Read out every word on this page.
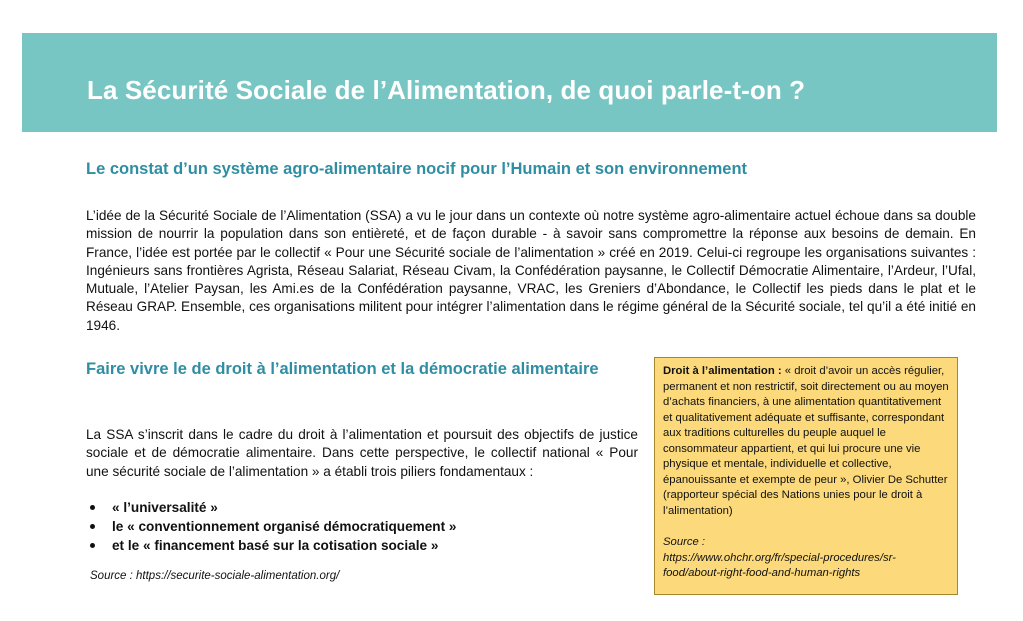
La Sécurité Sociale de l’Alimentation, de quoi parle-t-on ?
Le constat d’un système agro-alimentaire nocif pour l’Humain et son environnement

L’idée de la Sécurité Sociale de l’Alimentation (SSA) a vu le jour dans un contexte où notre système agro-alimentaire actuel échoue dans sa double mission de nourrir la population dans son entièreté, et de façon durable - à savoir sans compromettre la réponse aux besoins de demain. En France, l’idée est portée par le collectif « Pour une Sécurité sociale de l’alimentation » créé en 2019. Celui-ci regroupe les organisations suivantes : Ingénieurs sans frontières Agrista, Réseau Salariat, Réseau Civam, la Confédération paysanne, le Collectif Démocratie Alimentaire, l’Ardeur, l’Ufal, Mutuale, l’Atelier Paysan, les Ami.es de la Confédération paysanne, VRAC, les Greniers d’Abondance, le Collectif les pieds dans le plat et le Réseau GRAP. Ensemble, ces organisations militent pour intégrer l’alimentation dans le régime général de la Sécurité sociale, tel qu’il a été initié en 1946.

Faire vivre le de droit à l’alimentation et la démocratie alimentaire

La SSA s’inscrit dans le cadre du droit à l’alimentation et poursuit des objectifs de justice sociale et de démocratie alimentaire. Dans cette perspective, le collectif national « Pour une sécurité sociale de l’alimentation » a établi trois piliers fondamentaux :

« l’universalité »
le « conventionnement organisé démocratiquement »
et le « financement basé sur la cotisation sociale »
Source : https://securite-sociale-alimentation.org/

Droit à l’alimentation : « droit d’avoir un accès régulier, permanent et non restrictif, soit directement ou au moyen d’achats financiers, à une alimentation quantitativement et qualitativement adéquate et suffisante, correspondant aux traditions culturelles du peuple auquel le consommateur appartient, et qui lui procure une vie physique et mentale, individuelle et collective, épanouissante et exempte de peur », Olivier De Schutter (rapporteur spécial des Nations unies pour le droit à l’alimentation)

Source :

https://www.ohchr.org/fr/special-procedures/sr-food/about-right-food-and-human-rights
